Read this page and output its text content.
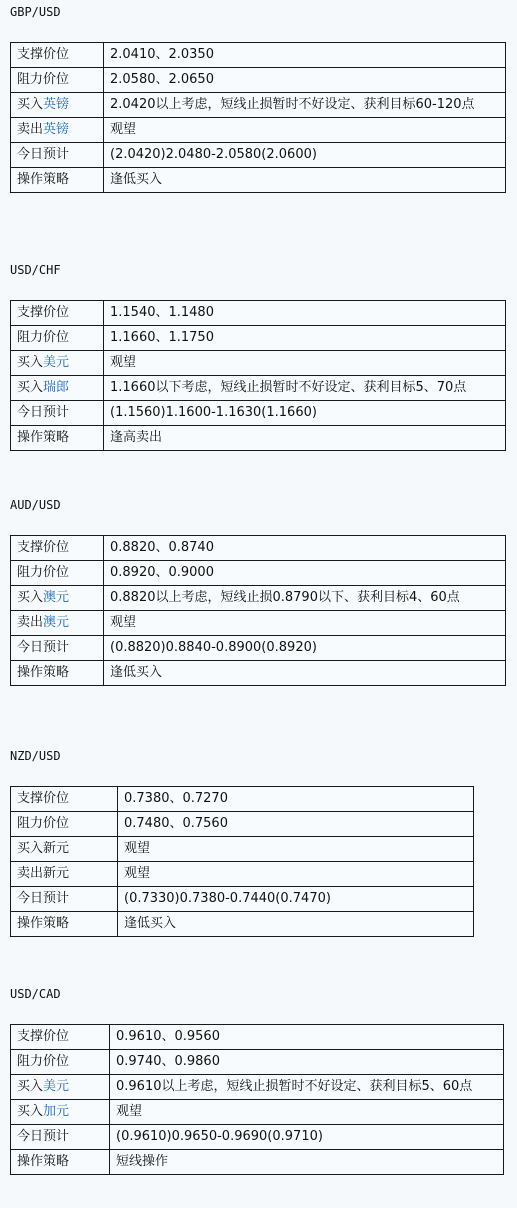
GBP/USD
支撑价位	2.0410、2.0350
阻力价位	2.0580、2.0650
买入英镑	2.0420以上考虑，短线止损暂时不好设定、获利目标60-120点
卖出英镑	观望
今日预计	(2.0420)2.0480-2.0580(2.0600)
操作策略	逢低买入
USD/CHF
支撑价位	1.1540、1.1480
阻力价位	1.1660、1.1750
买入美元	观望
买入瑞郎	1.1660以下考虑，短线止损暂时不好设定、获利目标5、70点
今日预计	(1.1560)1.1600-1.1630(1.1660)
操作策略	逢高卖出
AUD/USD
支撑价位	0.8820、0.8740
阻力价位	0.8920、0.9000
买入澳元	0.8820以上考虑，短线止损0.8790以下、获利目标4、60点
卖出澳元	观望
今日预计	(0.8820)0.8840-0.8900(0.8920)
操作策略	逢低买入
NZD/USD
支撑价位	0.7380、0.7270
阻力价位	0.7480、0.7560
买入新元	观望
卖出新元	观望
今日预计	(0.7330)0.7380-0.7440(0.7470)
操作策略	逢低买入
USD/CAD
支撑价位	0.9610、0.9560
阻力价位	0.9740、0.9860
买入美元	0.9610以上考虑，短线止损暂时不好设定、获利目标5、60点
买入加元	观望
今日预计	(0.9610)0.9650-0.9690(0.9710)
操作策略	短线操作
